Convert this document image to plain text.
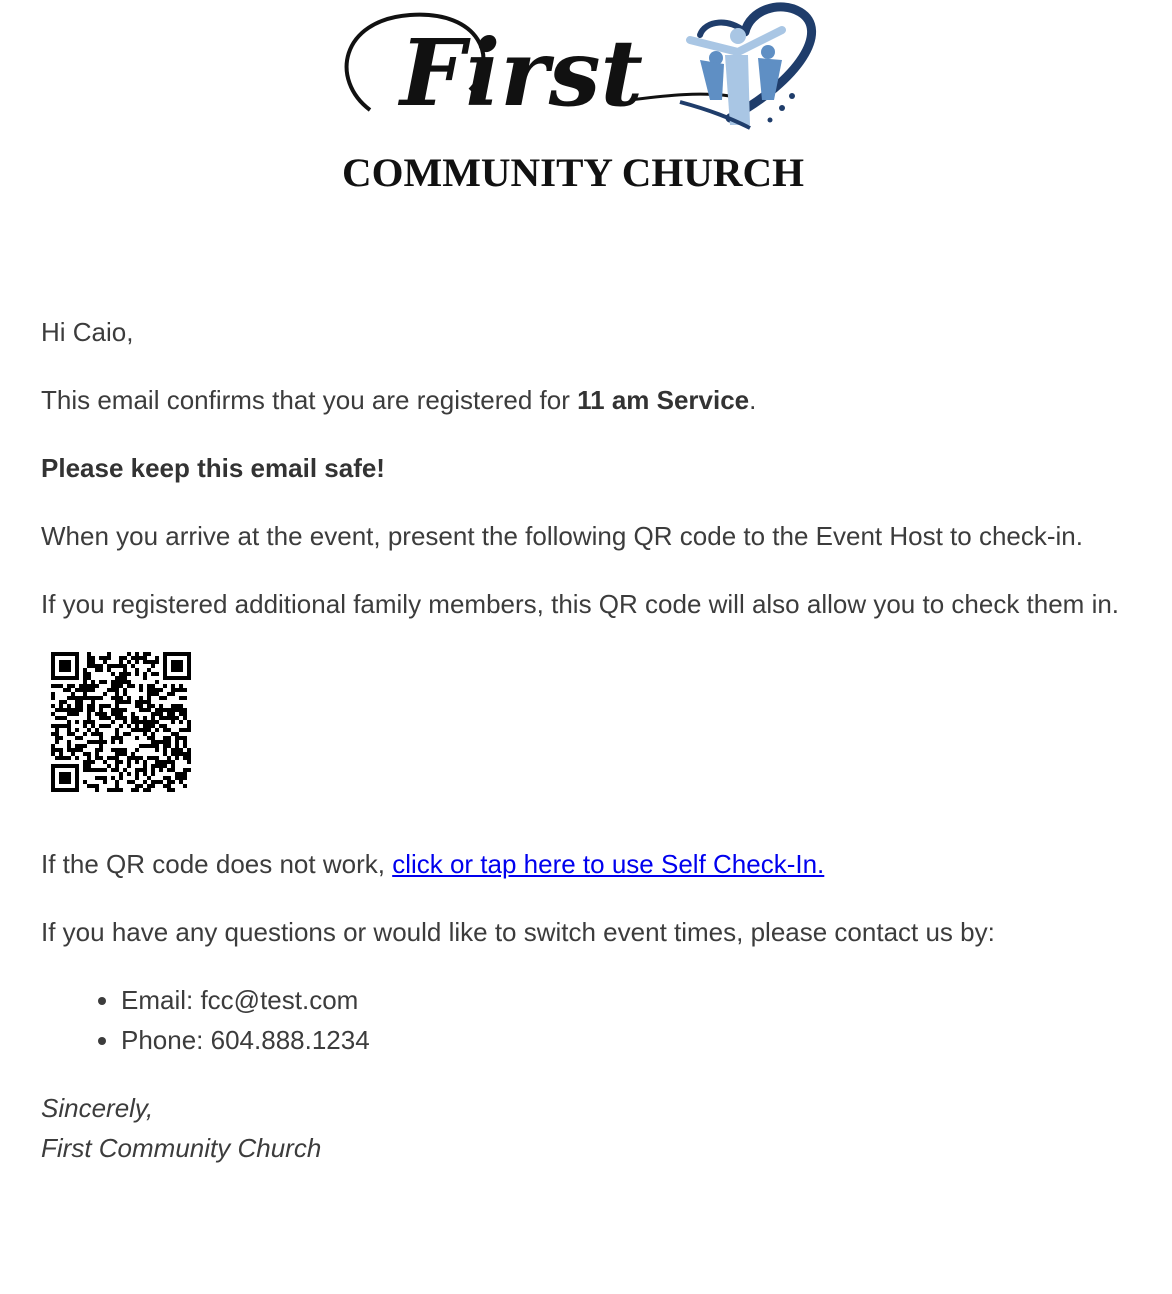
First
COMMUNITY CHURCH

Hi Caio,

This email confirms that you are registered for 11 am Service.

Please keep this email safe!

When you arrive at the event, present the following QR code to the Event Host to check-in.

If you registered additional family members, this QR code will also allow you to check them in.

If the QR code does not work, click or tap here to use Self Check-In.

If you have any questions or would like to switch event times, please contact us by:

• Email: fcc@test.com
• Phone: 604.888.1234
Sincerely,
First Community Church
